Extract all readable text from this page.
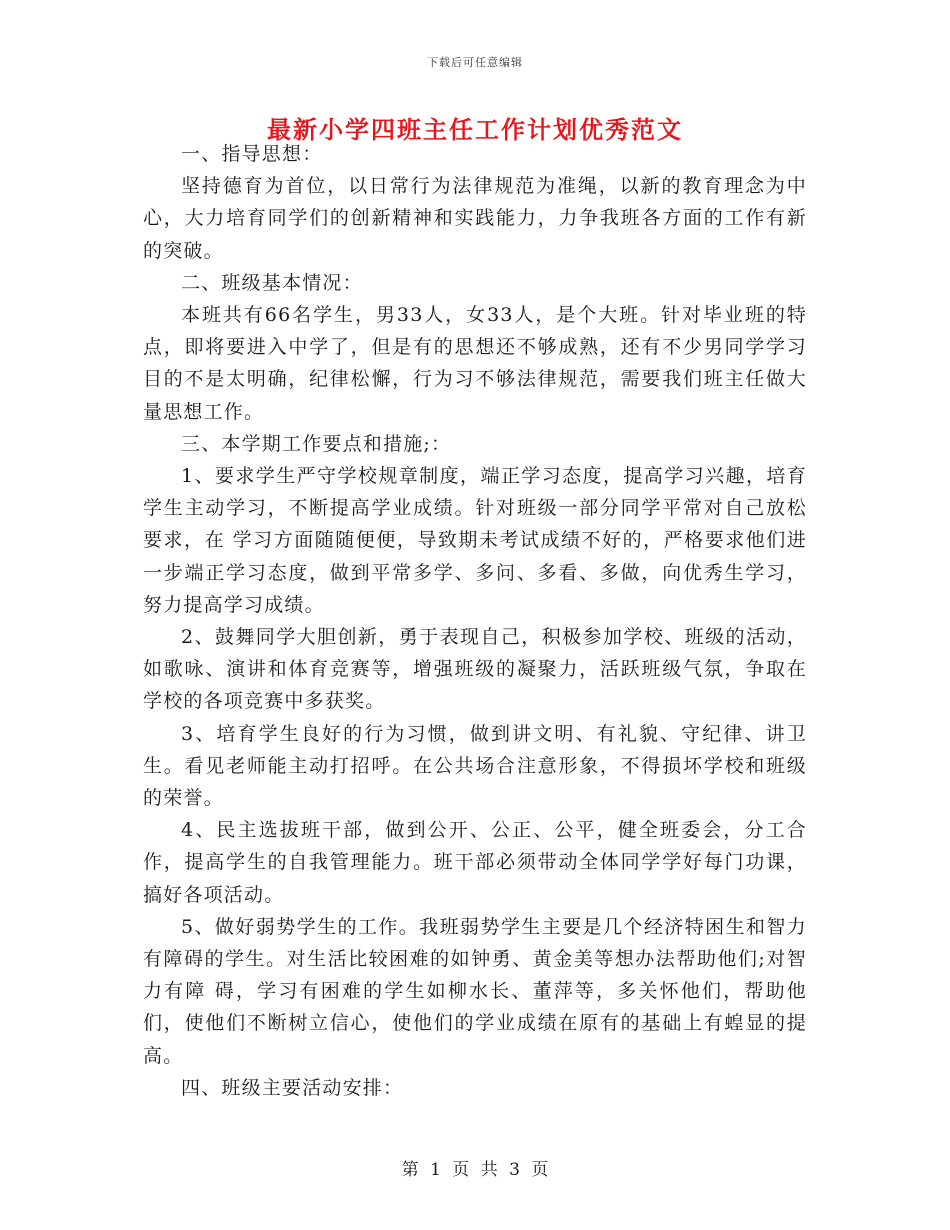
下载后可任意编辑
最新小学四班主任工作计划优秀范文

一、指导思想：

坚持德育为首位，以日常行为法律规范为准绳，以新的教育理念为中心，大力培育同学们的创新精神和实践能力，力争我班各方面的工作有新的突破。

二、班级基本情况：

本班共有66名学生，男33人，女33人，是个大班。针对毕业班的特点，即将要进入中学了，但是有的思想还不够成熟，还有不少男同学学习目的不是太明确，纪律松懈，行为习不够法律规范，需要我们班主任做大量思想工作。

三、本学期工作要点和措施;：

1、要求学生严守学校规章制度，端正学习态度，提高学习兴趣，培育学生主动学习，不断提高学业成绩。针对班级一部分同学平常对自己放松要求，在 学习方面随随便便，导致期未考试成绩不好的，严格要求他们进一步端正学习态度，做到平常多学、多问、多看、多做，向优秀生学习，努力提高学习成绩。

2、鼓舞同学大胆创新，勇于表现自己，积极参加学校、班级的活动，如歌咏、演讲和体育竞赛等，增强班级的凝聚力，活跃班级气氛，争取在学校的各项竞赛中多获奖。

3、培育学生良好的行为习惯，做到讲文明、有礼貌、守纪律、讲卫生。看见老师能主动打招呼。在公共场合注意形象，不得损坏学校和班级的荣誉。

4、民主选拔班干部，做到公开、公正、公平，健全班委会，分工合作，提高学生的自我管理能力。班干部必须带动全体同学学好每门功课，搞好各项活动。

5、做好弱势学生的工作。我班弱势学生主要是几个经济特困生和智力有障碍的学生。对生活比较困难的如钟勇、黄金美等想办法帮助他们;对智力有障 碍，学习有困难的学生如柳水长、董萍等，多关怀他们，帮助他们，使他们不断树立信心，使他们的学业成绩在原有的基础上有蝗显的提高。

四、班级主要活动安排：

第 1 页 共 3 页
